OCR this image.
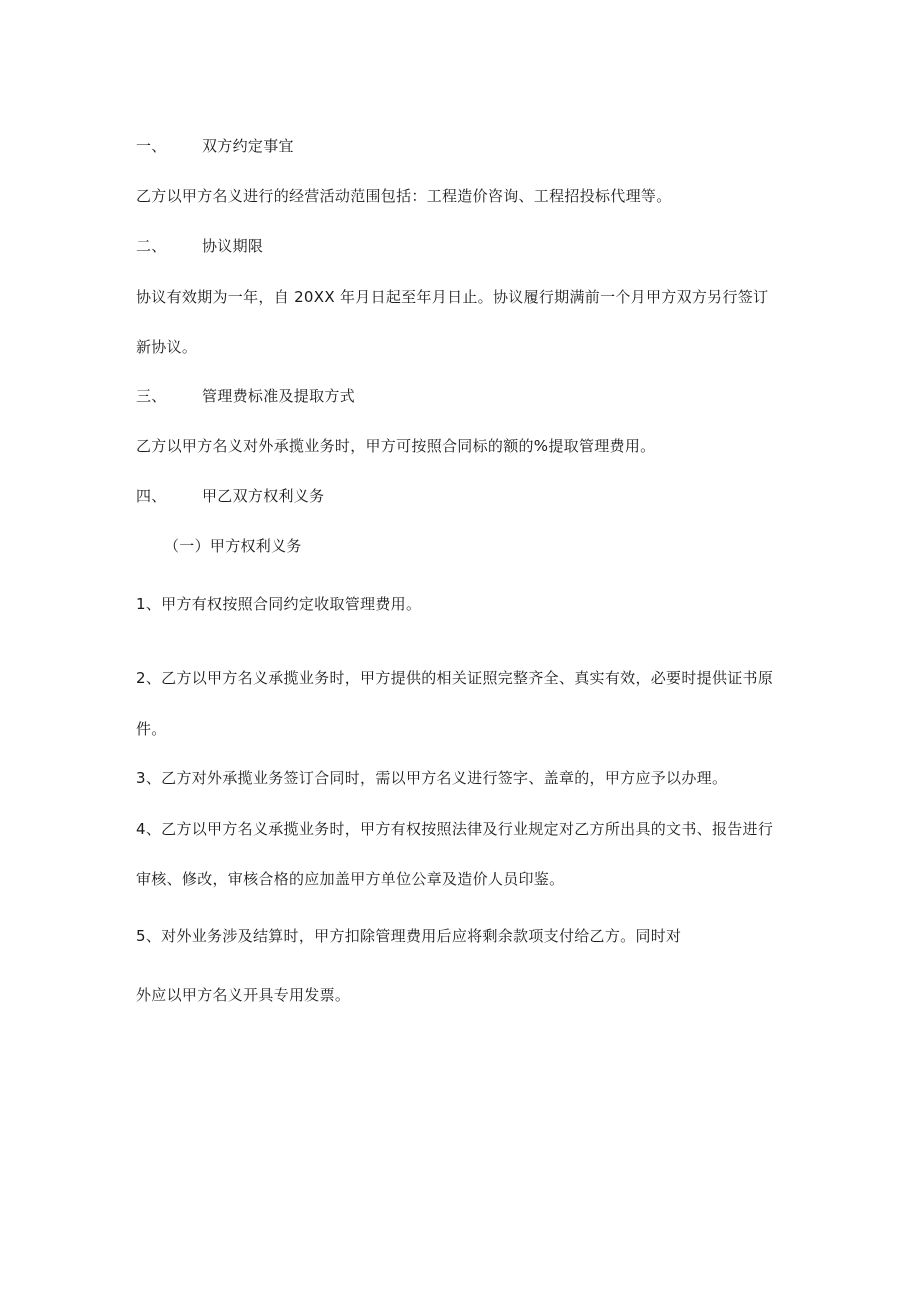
一、 双方约定事宜
乙方以甲方名义进行的经营活动范围包括：工程造价咨询、工程招投标代理等。
二、 协议期限
协议有效期为一年，自 20XX 年月日起至年月日止。协议履行期满前一个月甲方双方另行签订
新协议。
三、 管理费标准及提取方式
乙方以甲方名义对外承揽业务时，甲方可按照合同标的额的%提取管理费用。
四、 甲乙双方权利义务
（一）甲方权利义务
1、甲方有权按照合同约定收取管理费用。
2、乙方以甲方名义承揽业务时，甲方提供的相关证照完整齐全、真实有效，必要时提供证书原
件。
3、乙方对外承揽业务签订合同时，需以甲方名义进行签字、盖章的，甲方应予以办理。
4、乙方以甲方名义承揽业务时，甲方有权按照法律及行业规定对乙方所出具的文书、报告进行
审核、修改，审核合格的应加盖甲方单位公章及造价人员印鉴。
5、对外业务涉及结算时，甲方扣除管理费用后应将剩余款项支付给乙方。同时对
外应以甲方名义开具专用发票。
